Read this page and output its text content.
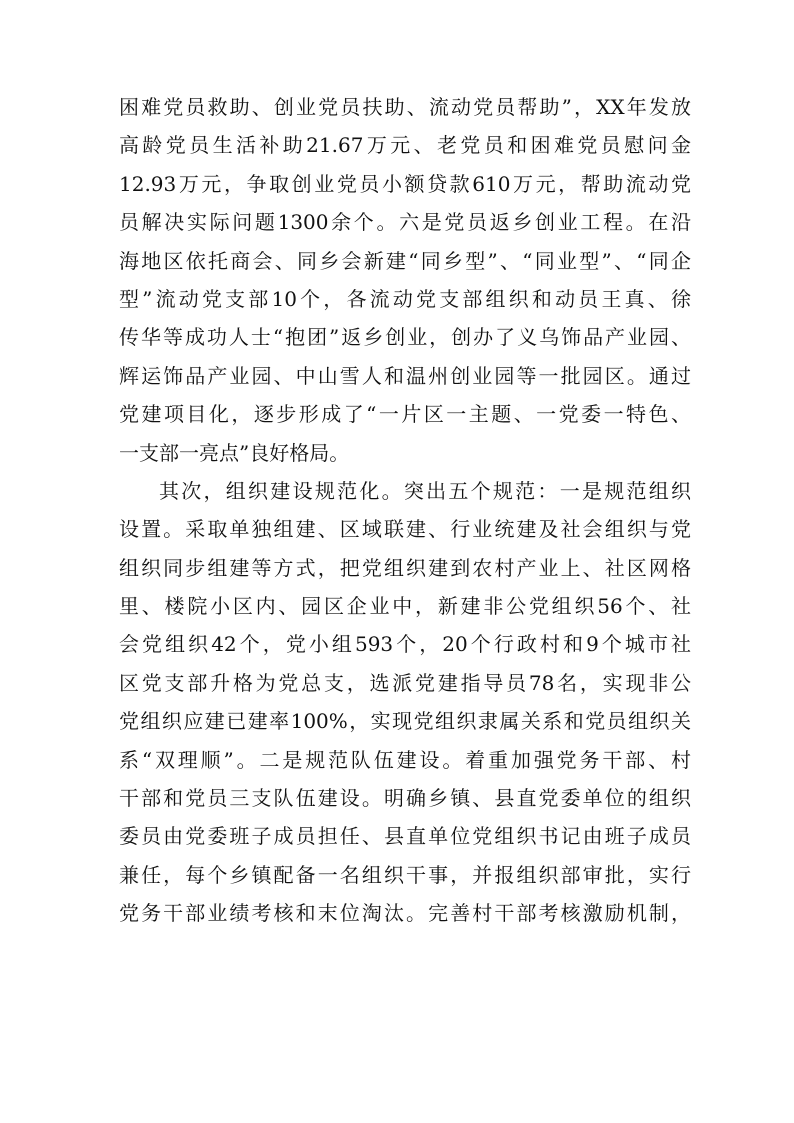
困难党员救助、创业党员扶助、流动党员帮助”，XX年发放
高龄党员生活补助21.67万元、老党员和困难党员慰问金
12.93万元，争取创业党员小额贷款610万元，帮助流动党
员解决实际问题1300余个。六是党员返乡创业工程。在沿
海地区依托商会、同乡会新建“同乡型”、“同业型”、“同企
型”流动党支部10个，各流动党支部组织和动员王真、徐
传华等成功人士“抱团”返乡创业，创办了义乌饰品产业园、
辉运饰品产业园、中山雪人和温州创业园等一批园区。通过
党建项目化，逐步形成了“一片区一主题、一党委一特色、
一支部一亮点”良好格局。
其次，组织建设规范化。突出五个规范：一是规范组织
设置。采取单独组建、区域联建、行业统建及社会组织与党
组织同步组建等方式，把党组织建到农村产业上、社区网格
里、楼院小区内、园区企业中，新建非公党组织56个、社
会党组织42个，党小组593个，20个行政村和9个城市社
区党支部升格为党总支，选派党建指导员78名，实现非公
党组织应建已建率100%，实现党组织隶属关系和党员组织关
系“双理顺”。二是规范队伍建设。着重加强党务干部、村
干部和党员三支队伍建设。明确乡镇、县直党委单位的组织
委员由党委班子成员担任、县直单位党组织书记由班子成员
兼任，每个乡镇配备一名组织干事，并报组织部审批，实行
党务干部业绩考核和末位淘汰。完善村干部考核激励机制，
